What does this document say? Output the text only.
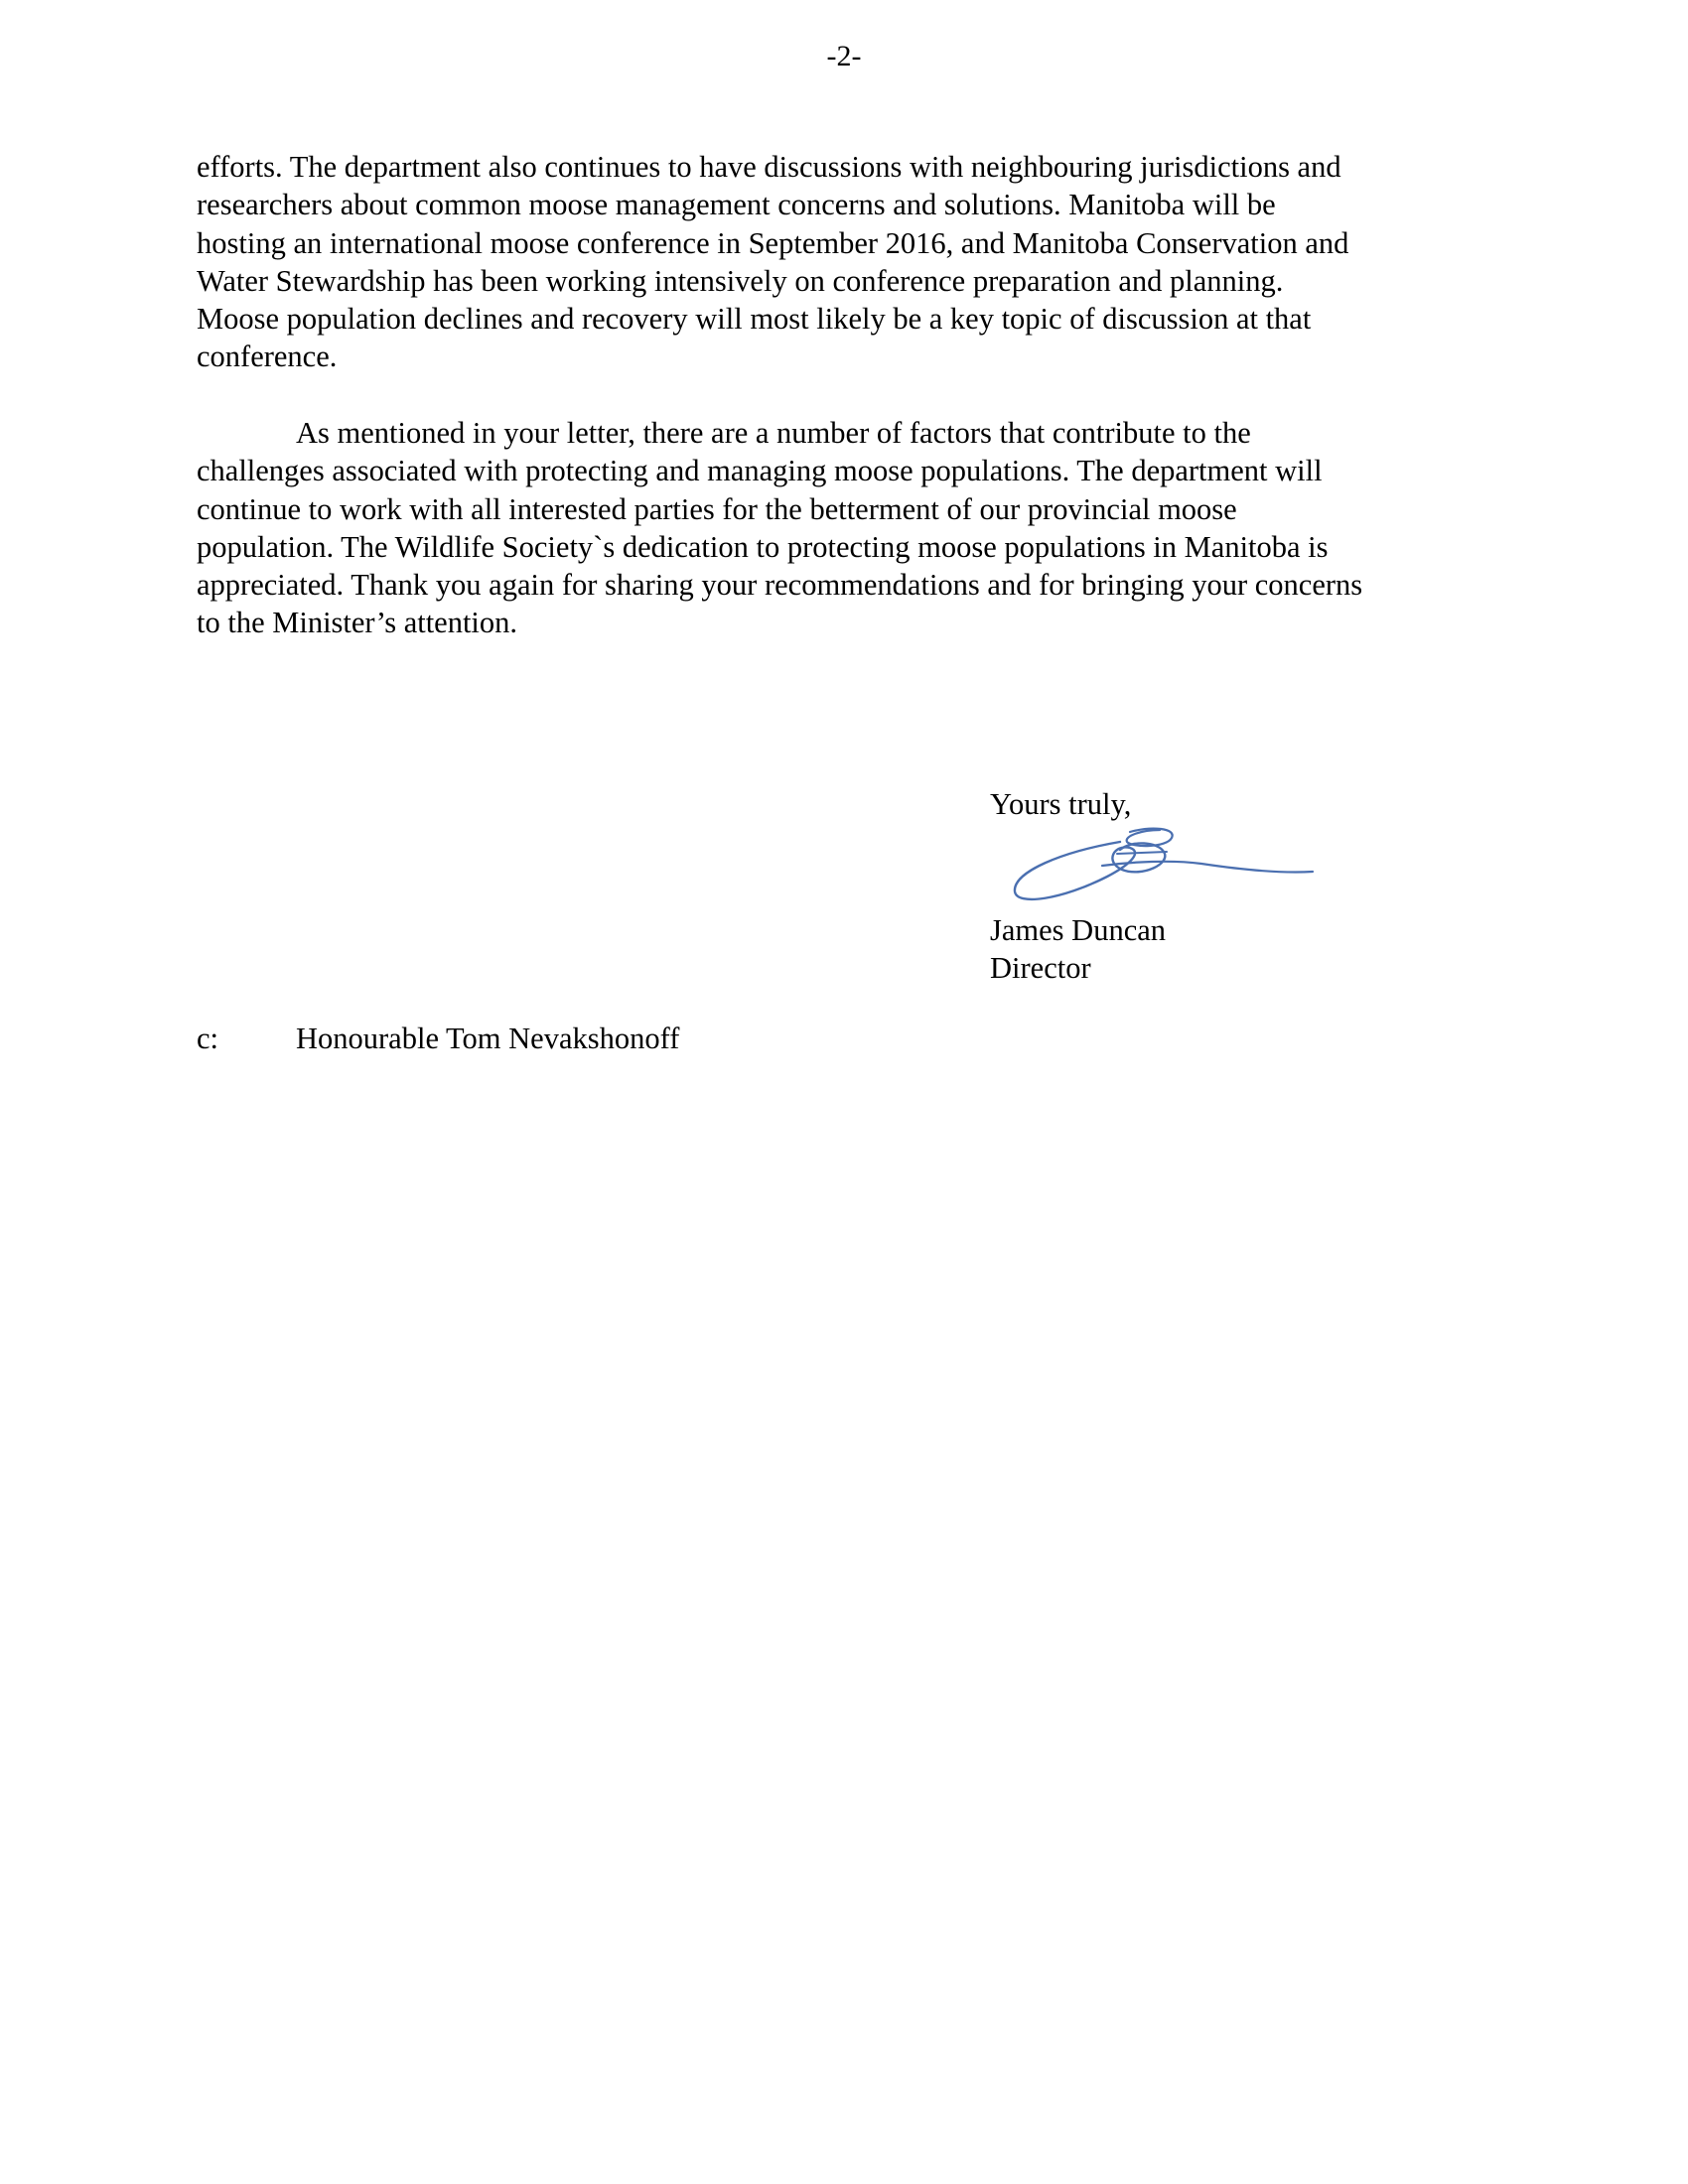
-2-

efforts. The department also continues to have discussions with neighbouring jurisdictions and
researchers about common moose management concerns and solutions. Manitoba will be
hosting an international moose conference in September 2016, and Manitoba Conservation and
Water Stewardship has been working intensively on conference preparation and planning.
Moose population declines and recovery will most likely be a key topic of discussion at that
conference.

As mentioned in your letter, there are a number of factors that contribute to the
challenges associated with protecting and managing moose populations. The department will
continue to work with all interested parties for the betterment of our provincial moose
population. The Wildlife Society`s dedication to protecting moose populations in Manitoba is
appreciated. Thank you again for sharing your recommendations and for bringing your concerns
to the Minister’s attention.

Yours truly,
James Duncan
Director
c:	Honourable Tom Nevakshonoff
